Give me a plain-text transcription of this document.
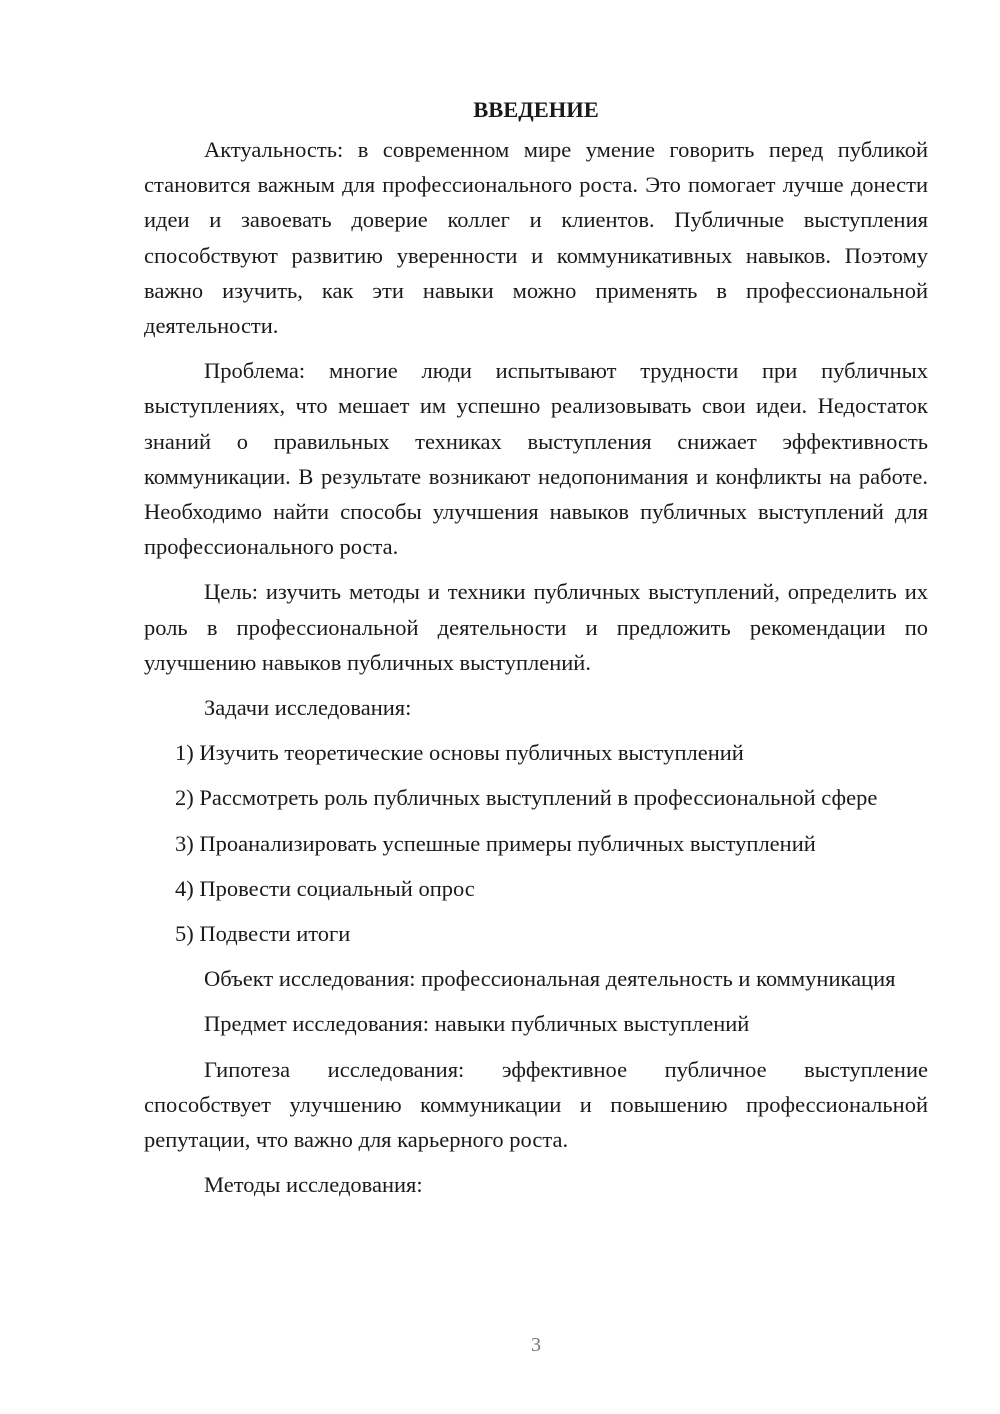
ВВЕДЕНИЕ

Актуальность: в современном мире умение говорить перед публикой становится важным для профессионального роста. Это помогает лучше донести идеи и завоевать доверие коллег и клиентов. Публичные выступления способствуют развитию уверенности и коммуникативных навыков. Поэтому важно изучить, как эти навыки можно применять в профессиональной деятельности.

Проблема: многие люди испытывают трудности при публичных выступлениях, что мешает им успешно реализовывать свои идеи. Недостаток знаний о правильных техниках выступления снижает эффективность коммуникации. В результате возникают недопонимания и конфликты на работе. Необходимо найти способы улучшения навыков публичных выступлений для профессионального роста.

Цель: изучить методы и техники публичных выступлений, определить их роль в профессиональной деятельности и предложить рекомендации по улучшению навыков публичных выступлений.

Задачи исследования:

1) Изучить теоретические основы публичных выступлений

2) Рассмотреть роль публичных выступлений в профессиональной сфере

3) Проанализировать успешные примеры публичных выступлений

4) Провести социальный опрос

5) Подвести итоги

Объект исследования: профессиональная деятельность и коммуникация

Предмет исследования: навыки публичных выступлений

Гипотеза исследования: эффективное публичное выступление способствует улучшению коммуникации и повышению профессиональной репутации, что важно для карьерного роста.

Методы исследования:

3
